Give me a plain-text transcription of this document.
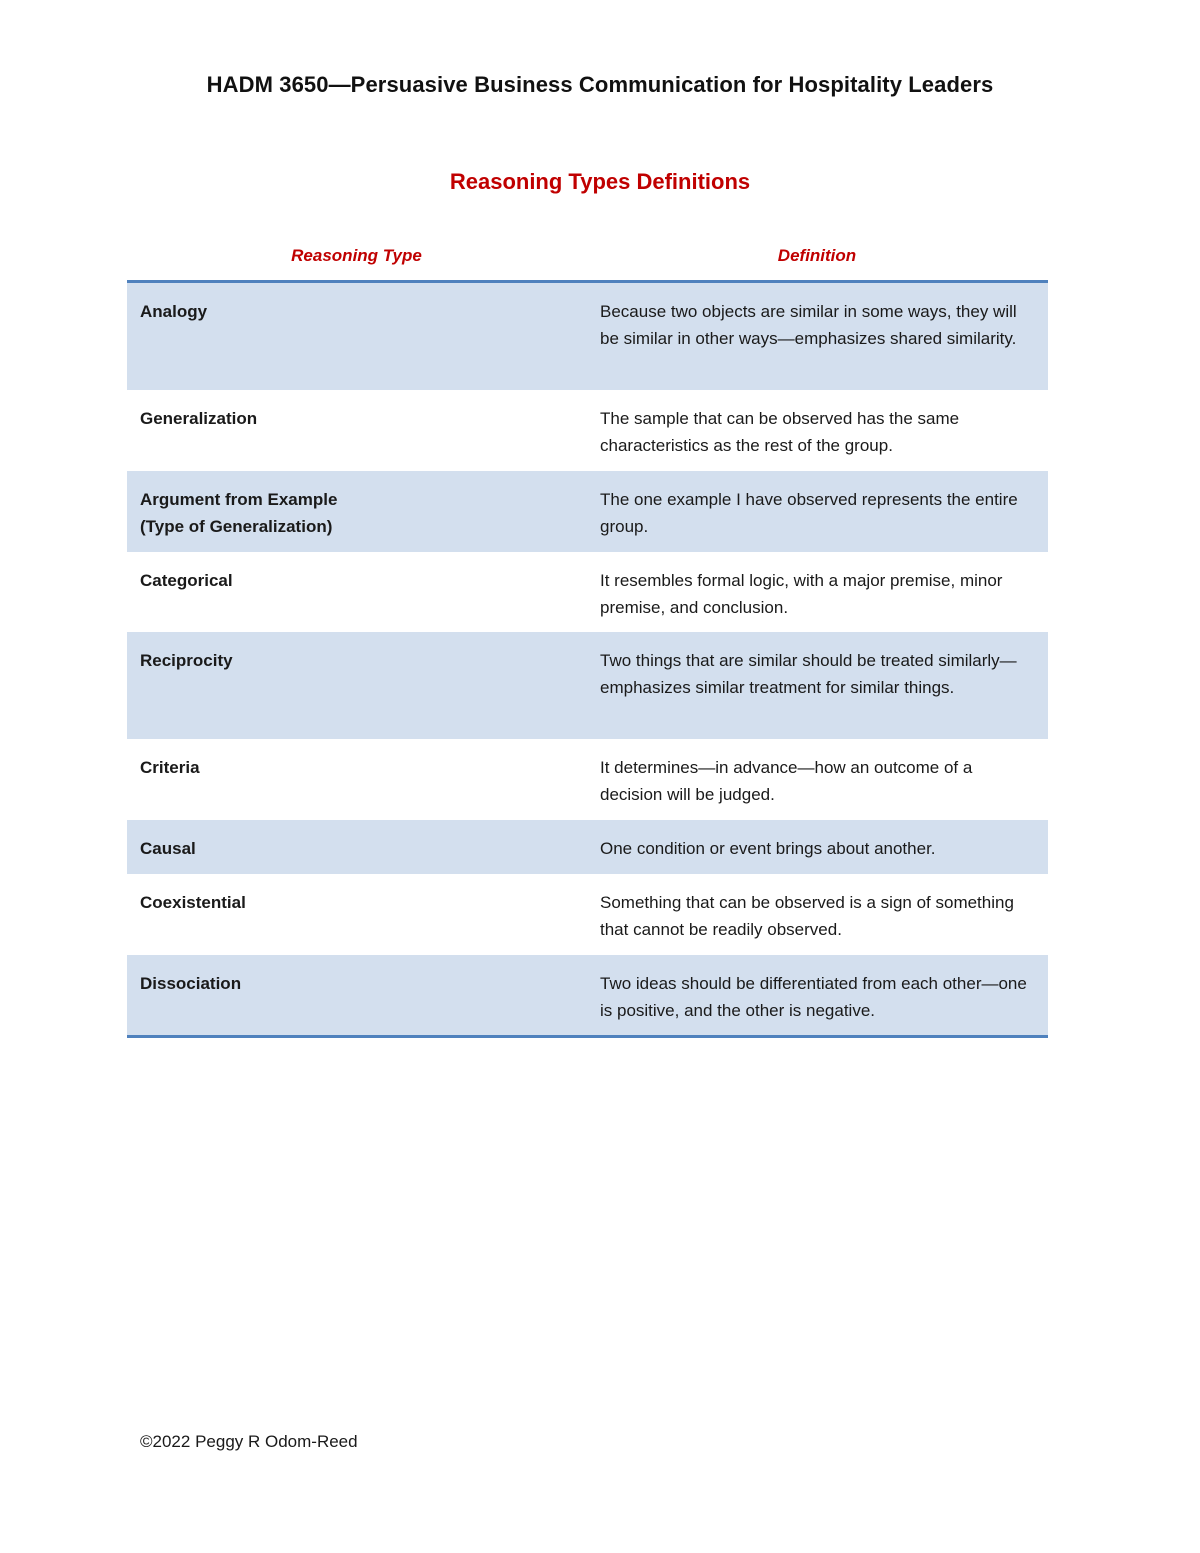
HADM 3650—Persuasive Business Communication for Hospitality Leaders
Reasoning Types Definitions
Reasoning Type	Definition
Analogy	Because two objects are similar in some ways, they will be similar in other ways—emphasizes shared similarity.
Generalization	The sample that can be observed has the same characteristics as the rest of the group.
Argument from Example
(Type of Generalization)	The one example I have observed represents the entire group.
Categorical	It resembles formal logic, with a major premise, minor premise, and conclusion.
Reciprocity	Two things that are similar should be treated similarly—emphasizes similar treatment for similar things.
Criteria	It determines—in advance—how an outcome of a decision will be judged.
Causal	One condition or event brings about another.
Coexistential	Something that can be observed is a sign of something that cannot be readily observed.
Dissociation	Two ideas should be differentiated from each other—one is positive, and the other is negative.
©2022 Peggy R Odom-Reed
